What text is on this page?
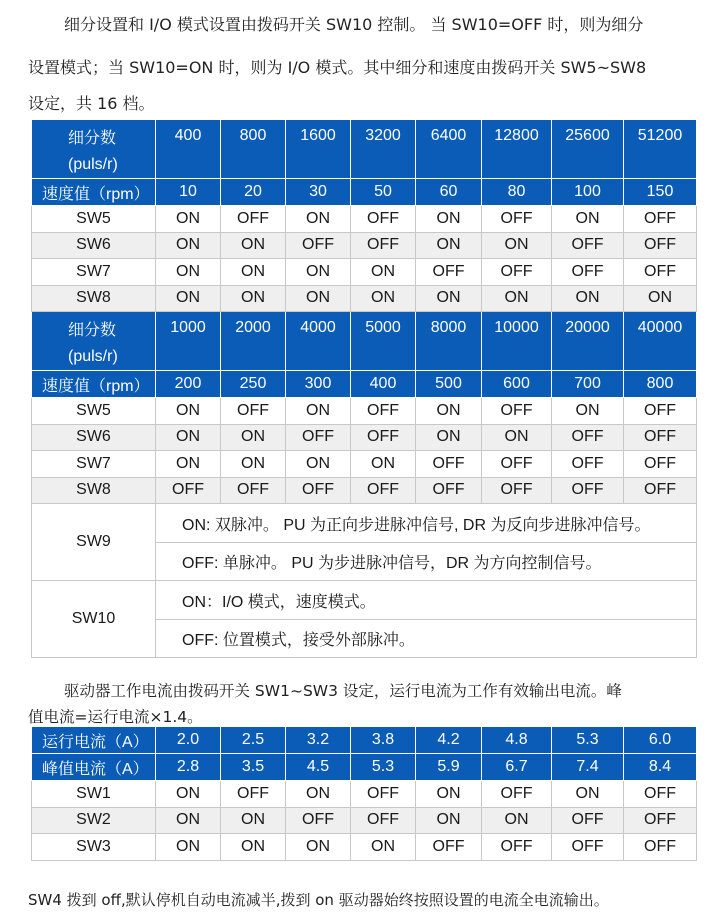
细分设置和 I/O 模式设置由拨码开关 SW10 控制。 当 SW10=OFF 时，则为细分
设置模式；当 SW10=ON 时，则为 I/O 模式。其中细分和速度由拨码开关 SW5~SW8
设定，共 16 档。
细分数
(puls/r)	400	800	1600	3200	6400	12800	25600	51200
速度值（rpm）	10	20	30	50	60	80	100	150
SW5	ON	OFF	ON	OFF	ON	OFF	ON	OFF
SW6	ON	ON	OFF	OFF	ON	ON	OFF	OFF
SW7	ON	ON	ON	ON	OFF	OFF	OFF	OFF
SW8	ON	ON	ON	ON	ON	ON	ON	ON

细分数
(puls/r)	1000	2000	4000	5000	8000	10000	20000	40000
速度值（rpm）	200	250	300	400	500	600	700	800
SW5	ON	OFF	ON	OFF	ON	OFF	ON	OFF
SW6	ON	ON	OFF	OFF	ON	ON	OFF	OFF
SW7	ON	ON	ON	ON	OFF	OFF	OFF	OFF
SW8	OFF	OFF	OFF	OFF	OFF	OFF	OFF	OFF
SW9	ON: 双脉冲。 PU 为正向步进脉冲信号, DR 为反向步进脉冲信号。							
	OFF: 单脉冲。 PU 为步进脉冲信号，DR 为方向控制信号。							
SW10	ON：I/O 模式，速度模式。							
	OFF: 位置模式，接受外部脉冲。							
驱动器工作电流由拨码开关 SW1~SW3 设定，运行电流为工作有效输出电流。峰
值电流=运行电流×1.4。
运行电流（A）	2.0	2.5	3.2	3.8	4.2	4.8	5.3	6.0
峰值电流（A）	2.8	3.5	4.5	5.3	5.9	6.7	7.4	8.4
SW1	ON	OFF	ON	OFF	ON	OFF	ON	OFF
SW2	ON	ON	OFF	OFF	ON	ON	OFF	OFF
SW3	ON	ON	ON	ON	OFF	OFF	OFF	OFF
SW4 拨到 off,默认停机自动电流减半,拨到 on 驱动器始终按照设置的电流全电流输出。
